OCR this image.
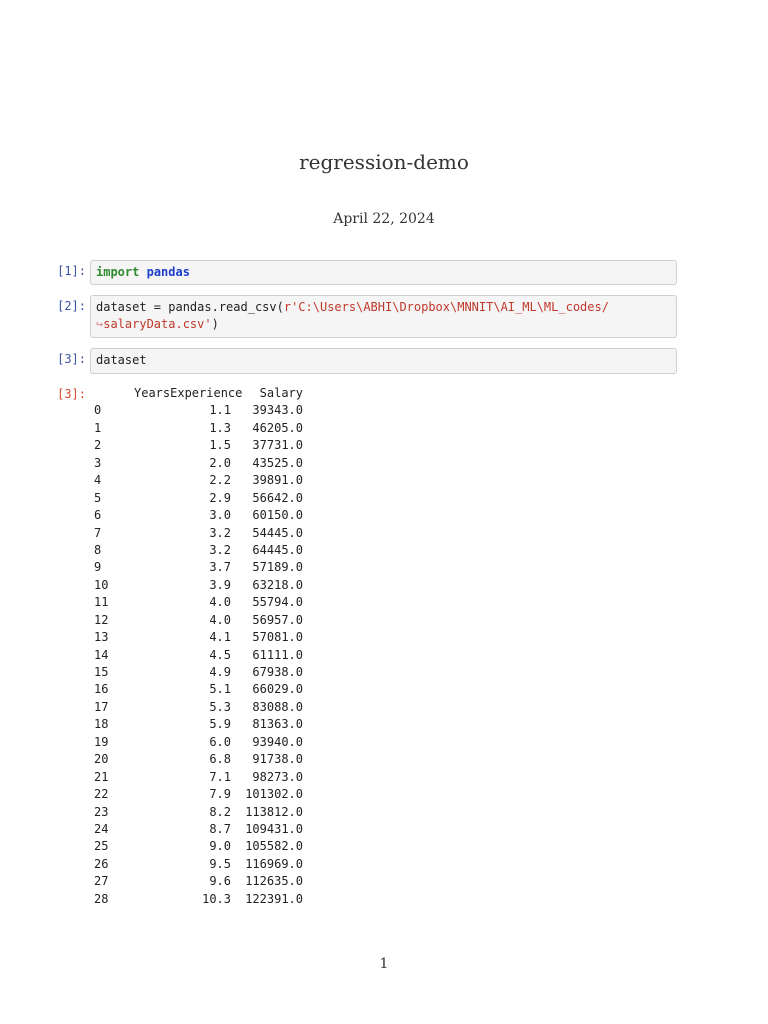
regression-demo
April 22, 2024
[1]: import pandas
[2]: dataset = pandas.read_csv(r'C:\Users\ABHI\Dropbox\MNNIT\AI_ML\ML_codes/
↪salaryData.csv')
[3]: dataset
[3]:	YearsExperience	Salary
0	1.1	39343.0
1	1.3	46205.0
2	1.5	37731.0
3	2.0	43525.0
4	2.2	39891.0
5	2.9	56642.0
6	3.0	60150.0
7	3.2	54445.0
8	3.2	64445.0
9	3.7	57189.0
10	3.9	63218.0
11	4.0	55794.0
12	4.0	56957.0
13	4.1	57081.0
14	4.5	61111.0
15	4.9	67938.0
16	5.1	66029.0
17	5.3	83088.0
18	5.9	81363.0
19	6.0	93940.0
20	6.8	91738.0
21	7.1	98273.0
22	7.9	101302.0
23	8.2	113812.0
24	8.7	109431.0
25	9.0	105582.0
26	9.5	116969.0
27	9.6	112635.0
28	10.3	122391.0
1
